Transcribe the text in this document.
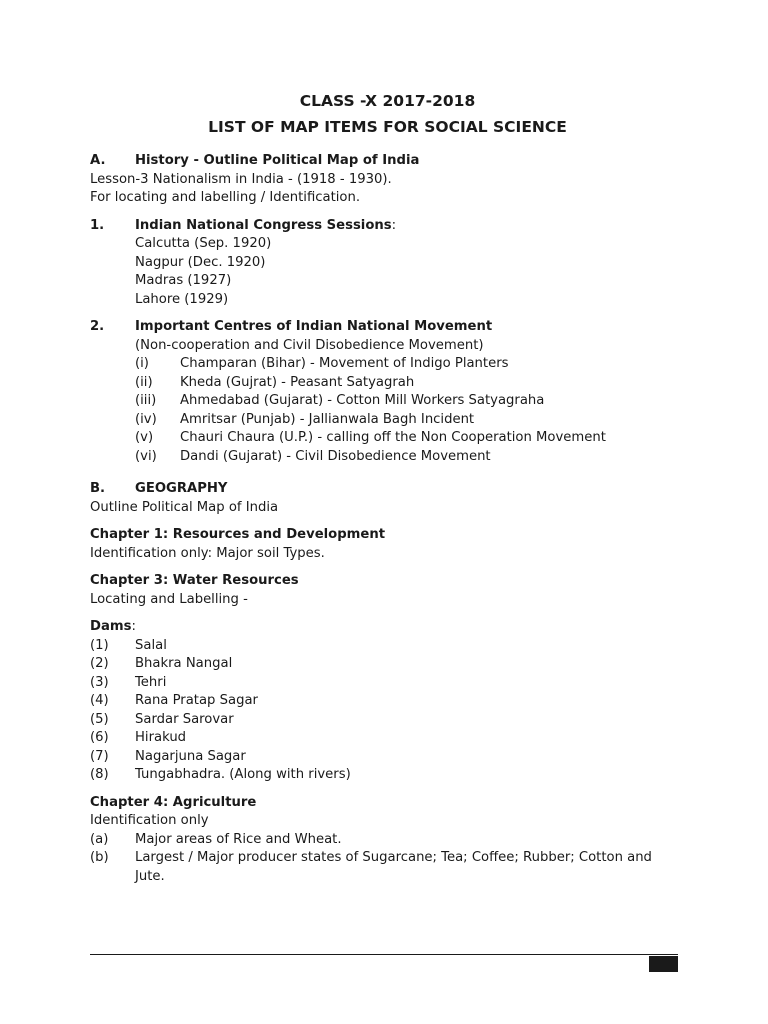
CLASS -X 2017-2018
LIST OF MAP ITEMS FOR SOCIAL SCIENCE
A.	History - Outline Political Map of India
Lesson-3 Nationalism in India - (1918 - 1930).
For locating and labelling / Identification.
1.	Indian National Congress Sessions:
Calcutta (Sep. 1920)
Nagpur (Dec. 1920)
Madras (1927)
Lahore (1929)
2.	Important Centres of Indian National Movement
(Non-cooperation and Civil Disobedience Movement)
(i)	Champaran (Bihar) - Movement of Indigo Planters
(ii)	Kheda (Gujrat) - Peasant Satyagrah
(iii)	Ahmedabad (Gujarat) - Cotton Mill Workers Satyagraha
(iv)	Amritsar (Punjab) - Jallianwala Bagh Incident
(v)	Chauri Chaura (U.P.) - calling off the Non Cooperation Movement
(vi)	Dandi (Gujarat) - Civil Disobedience Movement
B.	GEOGRAPHY
Outline Political Map of India
Chapter 1: Resources and Development
Identification only: Major soil Types.
Chapter 3: Water Resources
Locating and Labelling -
Dams:
(1)	Salal
(2)	Bhakra Nangal
(3)	Tehri
(4)	Rana Pratap Sagar
(5)	Sardar Sarovar
(6)	Hirakud
(7)	Nagarjuna Sagar
(8)	Tungabhadra. (Along with rivers)
Chapter 4: Agriculture
Identification only
(a)	Major areas of Rice and Wheat.
(b)	Largest / Major producer states of Sugarcane; Tea; Coffee; Rubber; Cotton and Jute.
